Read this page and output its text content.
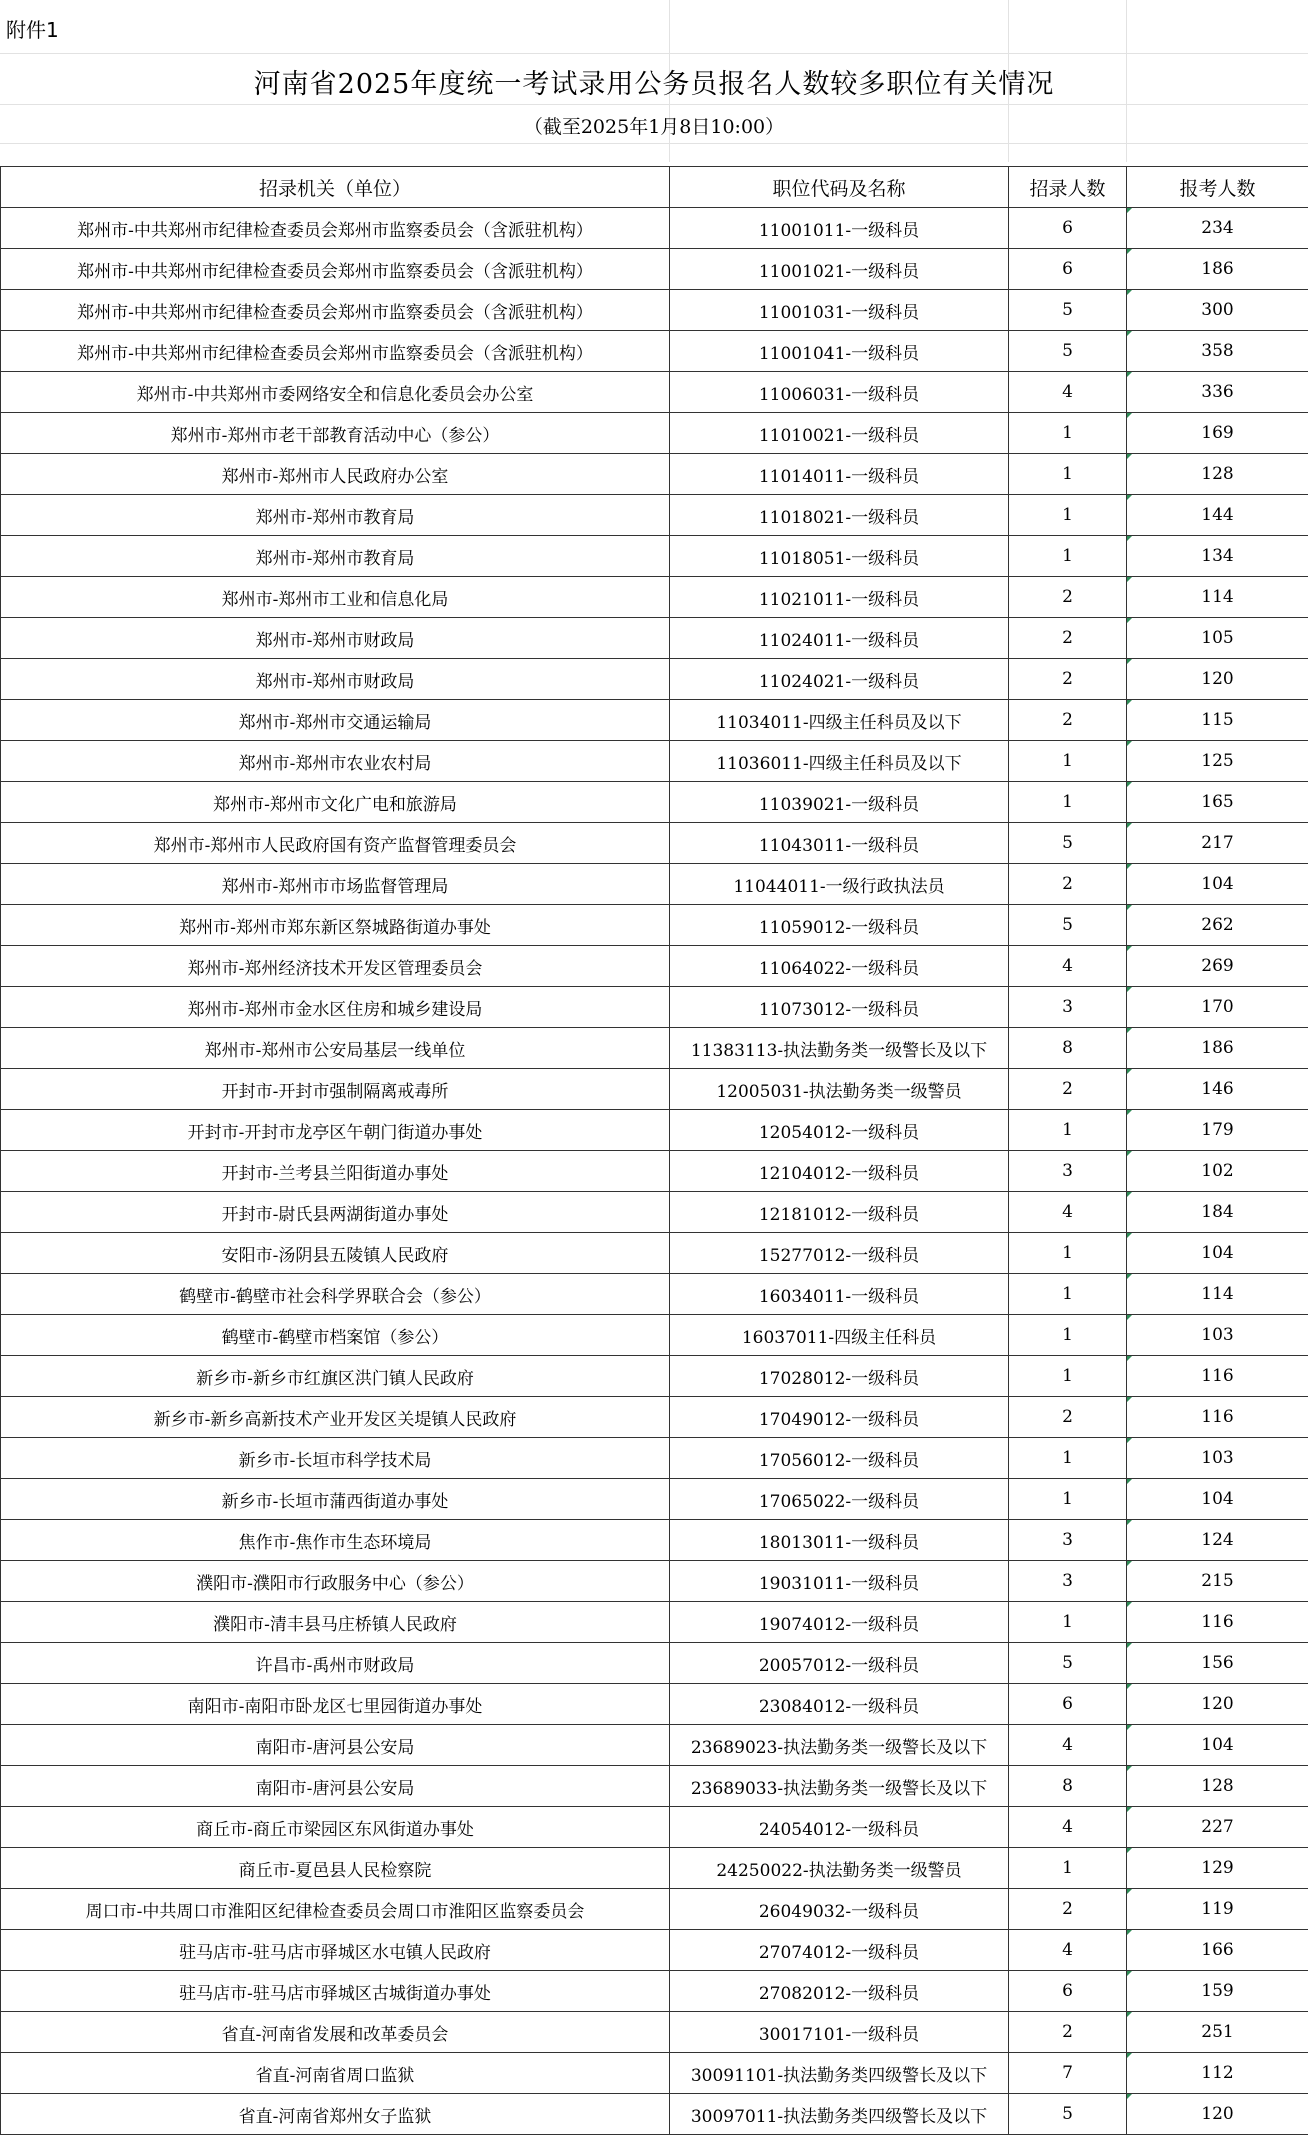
附件1
河南省2025年度统一考试录用公务员报名人数较多职位有关情况
（截至2025年1月8日10:00）
招录机关（单位）	职位代码及名称	招录人数	报考人数
郑州市-中共郑州市纪律检查委员会郑州市监察委员会（含派驻机构）	11001011-一级科员	6	234
郑州市-中共郑州市纪律检查委员会郑州市监察委员会（含派驻机构）	11001021-一级科员	6	186
郑州市-中共郑州市纪律检查委员会郑州市监察委员会（含派驻机构）	11001031-一级科员	5	300
郑州市-中共郑州市纪律检查委员会郑州市监察委员会（含派驻机构）	11001041-一级科员	5	358
郑州市-中共郑州市委网络安全和信息化委员会办公室	11006031-一级科员	4	336
郑州市-郑州市老干部教育活动中心（参公）	11010021-一级科员	1	169
郑州市-郑州市人民政府办公室	11014011-一级科员	1	128
郑州市-郑州市教育局	11018021-一级科员	1	144
郑州市-郑州市教育局	11018051-一级科员	1	134
郑州市-郑州市工业和信息化局	11021011-一级科员	2	114
郑州市-郑州市财政局	11024011-一级科员	2	105
郑州市-郑州市财政局	11024021-一级科员	2	120
郑州市-郑州市交通运输局	11034011-四级主任科员及以下	2	115
郑州市-郑州市农业农村局	11036011-四级主任科员及以下	1	125
郑州市-郑州市文化广电和旅游局	11039021-一级科员	1	165
郑州市-郑州市人民政府国有资产监督管理委员会	11043011-一级科员	5	217
郑州市-郑州市市场监督管理局	11044011-一级行政执法员	2	104
郑州市-郑州市郑东新区祭城路街道办事处	11059012-一级科员	5	262
郑州市-郑州经济技术开发区管理委员会	11064022-一级科员	4	269
郑州市-郑州市金水区住房和城乡建设局	11073012-一级科员	3	170
郑州市-郑州市公安局基层一线单位	11383113-执法勤务类一级警长及以下	8	186
开封市-开封市强制隔离戒毒所	12005031-执法勤务类一级警员	2	146
开封市-开封市龙亭区午朝门街道办事处	12054012-一级科员	1	179
开封市-兰考县兰阳街道办事处	12104012-一级科员	3	102
开封市-尉氏县两湖街道办事处	12181012-一级科员	4	184
安阳市-汤阴县五陵镇人民政府	15277012-一级科员	1	104
鹤壁市-鹤壁市社会科学界联合会（参公）	16034011-一级科员	1	114
鹤壁市-鹤壁市档案馆（参公）	16037011-四级主任科员	1	103
新乡市-新乡市红旗区洪门镇人民政府	17028012-一级科员	1	116
新乡市-新乡高新技术产业开发区关堤镇人民政府	17049012-一级科员	2	116
新乡市-长垣市科学技术局	17056012-一级科员	1	103
新乡市-长垣市蒲西街道办事处	17065022-一级科员	1	104
焦作市-焦作市生态环境局	18013011-一级科员	3	124
濮阳市-濮阳市行政服务中心（参公）	19031011-一级科员	3	215
濮阳市-清丰县马庄桥镇人民政府	19074012-一级科员	1	116
许昌市-禹州市财政局	20057012-一级科员	5	156
南阳市-南阳市卧龙区七里园街道办事处	23084012-一级科员	6	120
南阳市-唐河县公安局	23689023-执法勤务类一级警长及以下	4	104
南阳市-唐河县公安局	23689033-执法勤务类一级警长及以下	8	128
商丘市-商丘市梁园区东风街道办事处	24054012-一级科员	4	227
商丘市-夏邑县人民检察院	24250022-执法勤务类一级警员	1	129
周口市-中共周口市淮阳区纪律检查委员会周口市淮阳区监察委员会	26049032-一级科员	2	119
驻马店市-驻马店市驿城区水屯镇人民政府	27074012-一级科员	4	166
驻马店市-驻马店市驿城区古城街道办事处	27082012-一级科员	6	159
省直-河南省发展和改革委员会	30017101-一级科员	2	251
省直-河南省周口监狱	30091101-执法勤务类四级警长及以下	7	112
省直-河南省郑州女子监狱	30097011-执法勤务类四级警长及以下	5	120
